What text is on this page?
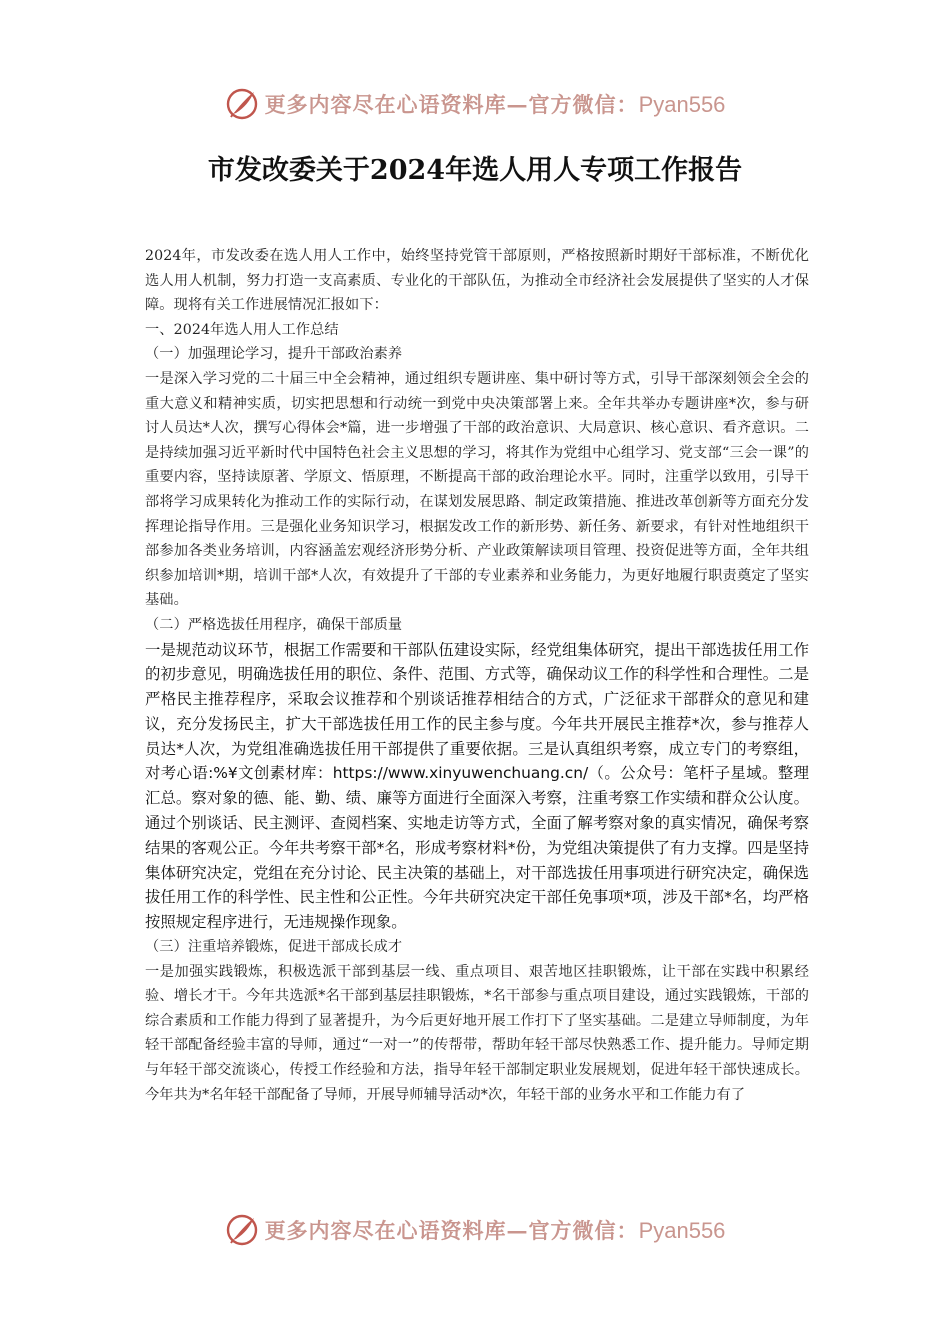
更多内容尽在心语资料库—官方微信：Pyan556
市发改委关于2024年选人用人专项工作报告

2024年，市发改委在选人用人工作中，始终坚持党管干部原则，严格按照新时期好干部标准，不断优化选人用人机制，努力打造一支高素质、专业化的干部队伍，为推动全市经济社会发展提供了坚实的人才保障。现将有关工作进展情况汇报如下：

一、2024年选人用人工作总结

（一）加强理论学习，提升干部政治素养

一是深入学习党的二十届三中全会精神，通过组织专题讲座、集中研讨等方式，引导干部深刻领会全会的重大意义和精神实质，切实把思想和行动统一到党中央决策部署上来。全年共举办专题讲座*次，参与研讨人员达*人次，撰写心得体会*篇，进一步增强了干部的政治意识、大局意识、核心意识、看齐意识。二是持续加强习近平新时代中国特色社会主义思想的学习，将其作为党组中心组学习、党支部“三会一课”的重要内容，坚持读原著、学原文、悟原理，不断提高干部的政治理论水平。同时，注重学以致用，引导干部将学习成果转化为推动工作的实际行动，在谋划发展思路、制定政策措施、推进改革创新等方面充分发挥理论指导作用。三是强化业务知识学习，根据发改工作的新形势、新任务、新要求，有针对性地组织干部参加各类业务培训，内容涵盖宏观经济形势分析、产业政策解读项目管理、投资促进等方面，全年共组织参加培训*期，培训干部*人次，有效提升了干部的专业素养和业务能力，为更好地履行职责奠定了坚实基础。

（二）严格选拔任用程序，确保干部质量

一是规范动议环节，根据工作需要和干部队伍建设实际，经党组集体研究，提出干部选拔任用工作的初步意见，明确选拔任用的职位、条件、范围、方式等，确保动议工作的科学性和合理性。二是严格民主推荐程序，采取会议推荐和个别谈话推荐相结合的方式，广泛征求干部群众的意见和建议，充分发扬民主，扩大干部选拔任用工作的民主参与度。今年共开展民主推荐*次，参与推荐人员达*人次，为党组准确选拔任用干部提供了重要依据。三是认真组织考察，成立专门的考察组，对考心语:%¥文创素材库：https://www.xinyuwenchuang.cn/（。公众号：笔杆子星域。整理汇总。察对象的德、能、勤、绩、廉等方面进行全面深入考察，注重考察工作实绩和群众公认度。通过个别谈话、民主测评、查阅档案、实地走访等方式，全面了解考察对象的真实情况，确保考察结果的客观公正。今年共考察干部*名，形成考察材料*份，为党组决策提供了有力支撑。四是坚持集体研究决定，党组在充分讨论、民主决策的基础上，对干部选拔任用事项进行研究决定，确保选拔任用工作的科学性、民主性和公正性。今年共研究决定干部任免事项*项，涉及干部*名，均严格按照规定程序进行，无违规操作现象。

（三）注重培养锻炼，促进干部成长成才

一是加强实践锻炼，积极选派干部到基层一线、重点项目、艰苦地区挂职锻炼，让干部在实践中积累经验、增长才干。今年共选派*名干部到基层挂职锻炼，*名干部参与重点项目建设，通过实践锻炼，干部的综合素质和工作能力得到了显著提升，为今后更好地开展工作打下了坚实基础。二是建立导师制度，为年轻干部配备经验丰富的导师，通过“一对一”的传帮带，帮助年轻干部尽快熟悉工作、提升能力。导师定期与年轻干部交流谈心，传授工作经验和方法，指导年轻干部制定职业发展规划，促进年轻干部快速成长。今年共为*名年轻干部配备了导师，开展导师辅导活动*次，年轻干部的业务水平和工作能力有了

更多内容尽在心语资料库—官方微信：Pyan556
